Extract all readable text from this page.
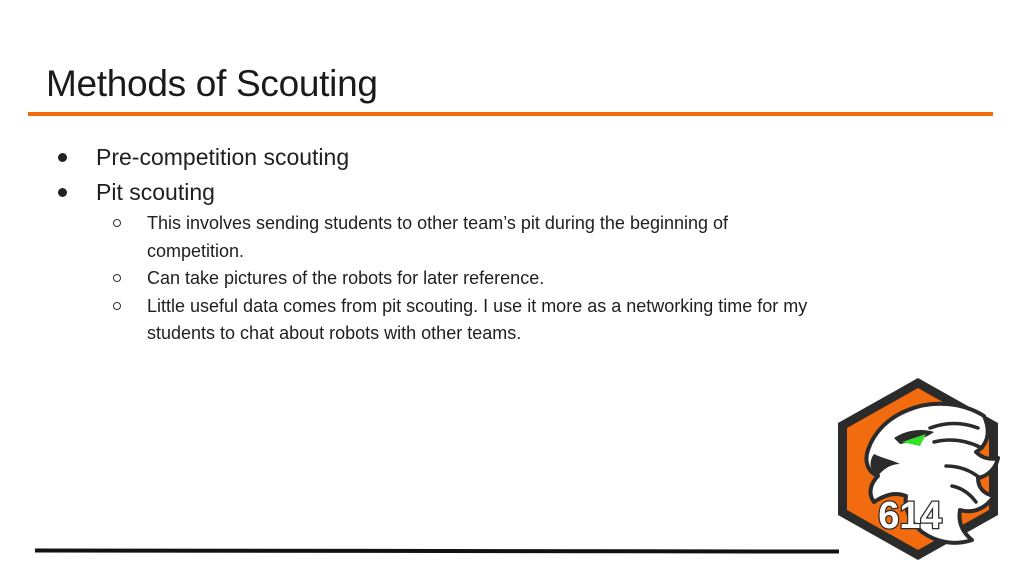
Methods of Scouting
Pre-competition scouting
Pit scouting
This involves sending students to other team’s pit during the beginning of competition.
Can take pictures of the robots for later reference.
Little useful data comes from pit scouting. I use it more as a networking time for my students to chat about robots with other teams.
614
